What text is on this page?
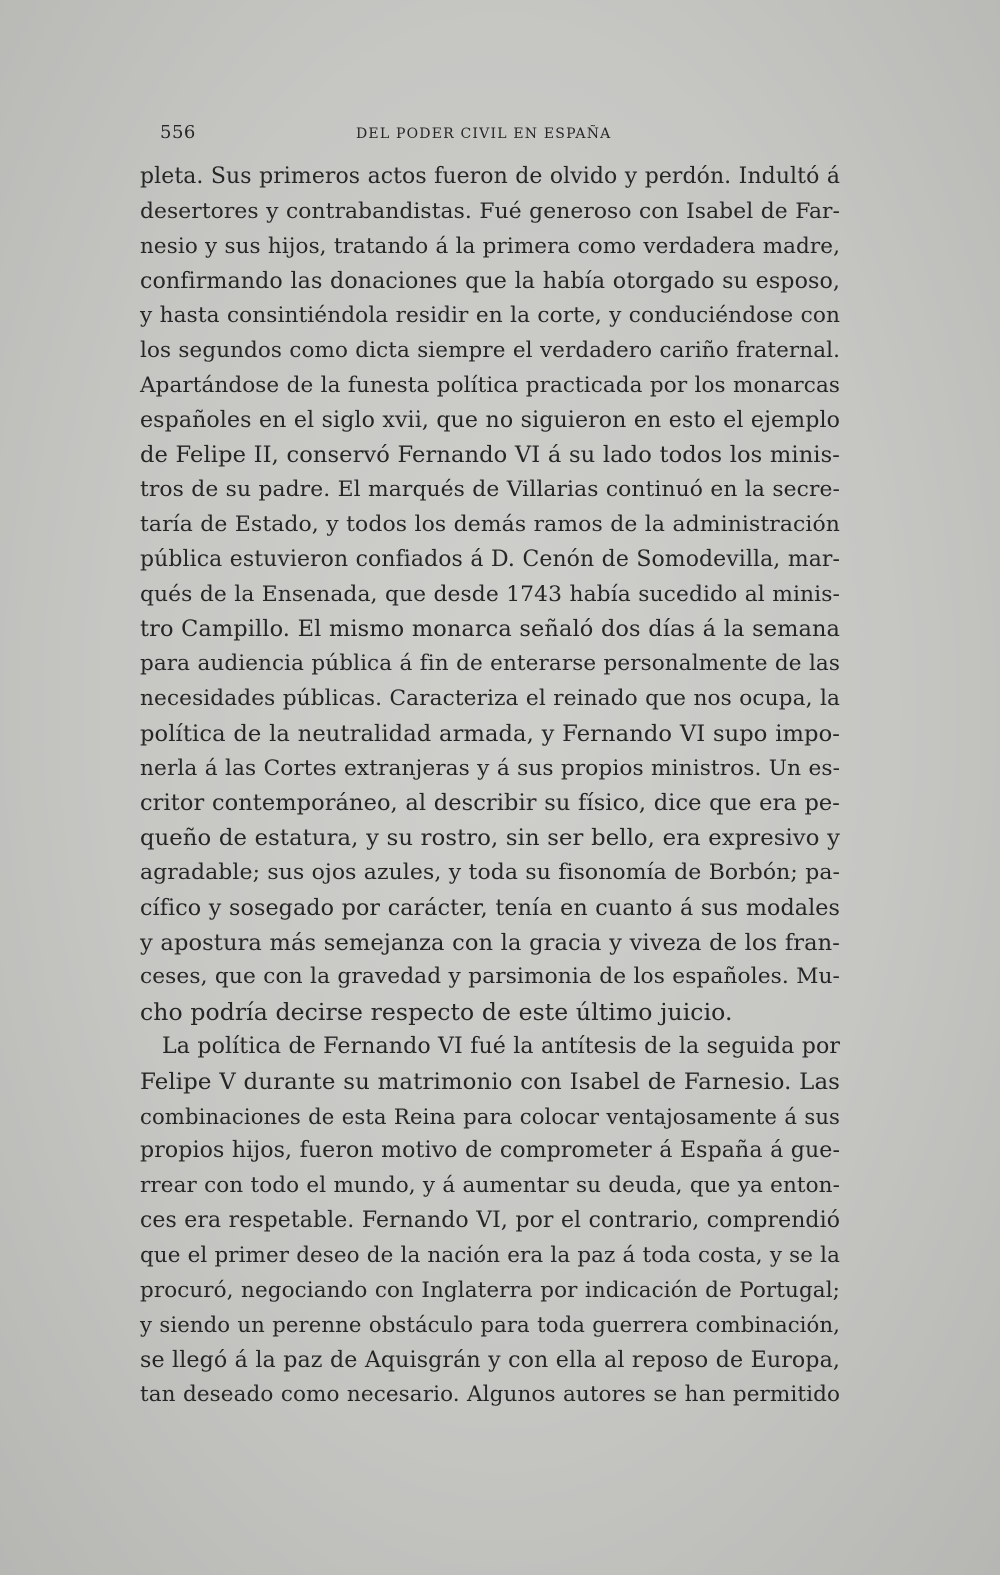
556	DEL PODER CIVIL EN ESPAÑA
pleta. Sus primeros actos fueron de olvido y perdón. Indultó á
desertores y contrabandistas. Fué generoso con Isabel de Far-
nesio y sus hijos, tratando á la primera como verdadera madre,
confirmando las donaciones que la había otorgado su esposo,
y hasta consintiéndola residir en la corte, y conduciéndose con
los segundos como dicta siempre el verdadero cariño fraternal.
Apartándose de la funesta política practicada por los monarcas
españoles en el siglo xvii, que no siguieron en esto el ejemplo
de Felipe II, conservó Fernando VI á su lado todos los minis-
tros de su padre. El marqués de Villarias continuó en la secre-
taría de Estado, y todos los demás ramos de la administración
pública estuvieron confiados á D. Cenón de Somodevilla, mar-
qués de la Ensenada, que desde 1743 había sucedido al minis-
tro Campillo. El mismo monarca señaló dos días á la semana
para audiencia pública á fin de enterarse personalmente de las
necesidades públicas. Caracteriza el reinado que nos ocupa, la
política de la neutralidad armada, y Fernando VI supo impo-
nerla á las Cortes extranjeras y á sus propios ministros. Un es-
critor contemporáneo, al describir su físico, dice que era pe-
queño de estatura, y su rostro, sin ser bello, era expresivo y
agradable; sus ojos azules, y toda su fisonomía de Borbón; pa-
cífico y sosegado por carácter, tenía en cuanto á sus modales
y apostura más semejanza con la gracia y viveza de los fran-
ceses, que con la gravedad y parsimonia de los españoles. Mu-
cho podría decirse respecto de este último juicio.
La política de Fernando VI fué la antítesis de la seguida por
Felipe V durante su matrimonio con Isabel de Farnesio. Las
combinaciones de esta Reina para colocar ventajosamente á sus
propios hijos, fueron motivo de comprometer á España á gue-
rrear con todo el mundo, y á aumentar su deuda, que ya enton-
ces era respetable. Fernando VI, por el contrario, comprendió
que el primer deseo de la nación era la paz á toda costa, y se la
procuró, negociando con Inglaterra por indicación de Portugal;
y siendo un perenne obstáculo para toda guerrera combinación,
se llegó á la paz de Aquisgrán y con ella al reposo de Europa,
tan deseado como necesario. Algunos autores se han permitido
